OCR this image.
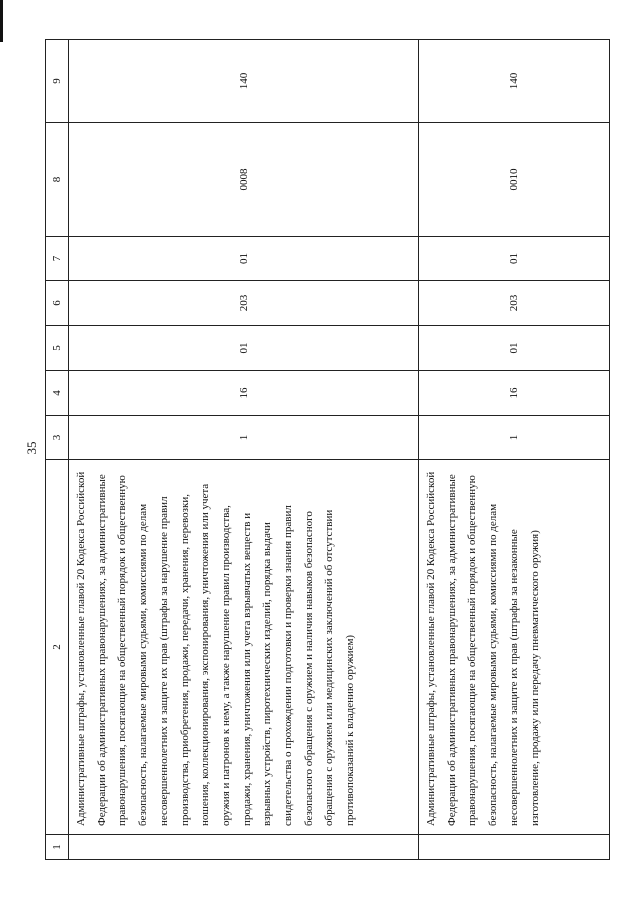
35
1	2	3	4	5	6	7	8	9
	Административные штрафы, установленные главой 20 Кодекса Российской Федерации об административных правонарушениях, за административные правонарушения, посягающие на общественный порядок и общественную безопасность, налагаемые мировыми судьями, комиссиями по делам несовершеннолетних и защите их прав (штрафы за нарушение правил производства, приобретения, продажи, передачи, хранения, перевозки, ношения, коллекционирования, экспонирования, уничтожения или учета оружия и патронов к нему, а также нарушение правил производства, продажи, хранения, уничтожения или учета взрывчатых веществ и взрывных устройств, пиротехнических изделий, порядка выдачи свидетельства о прохождении подготовки и проверки знания правил безопасного обращения с оружием и наличия навыков безопасного обращения с оружием или медицинских заключений об отсутствии противопоказаний к владению оружием)	1	16	01	203	01	0008	140
	Административные штрафы, установленные главой 20 Кодекса Российской Федерации об административных правонарушениях, за административные правонарушения, посягающие на общественный порядок и общественную безопасность, налагаемые мировыми судьями, комиссиями по делам несовершеннолетних и защите их прав (штрафы за незаконные изготовление, продажу или передачу пневматического оружия)	1	16	01	203	01	0010	140
